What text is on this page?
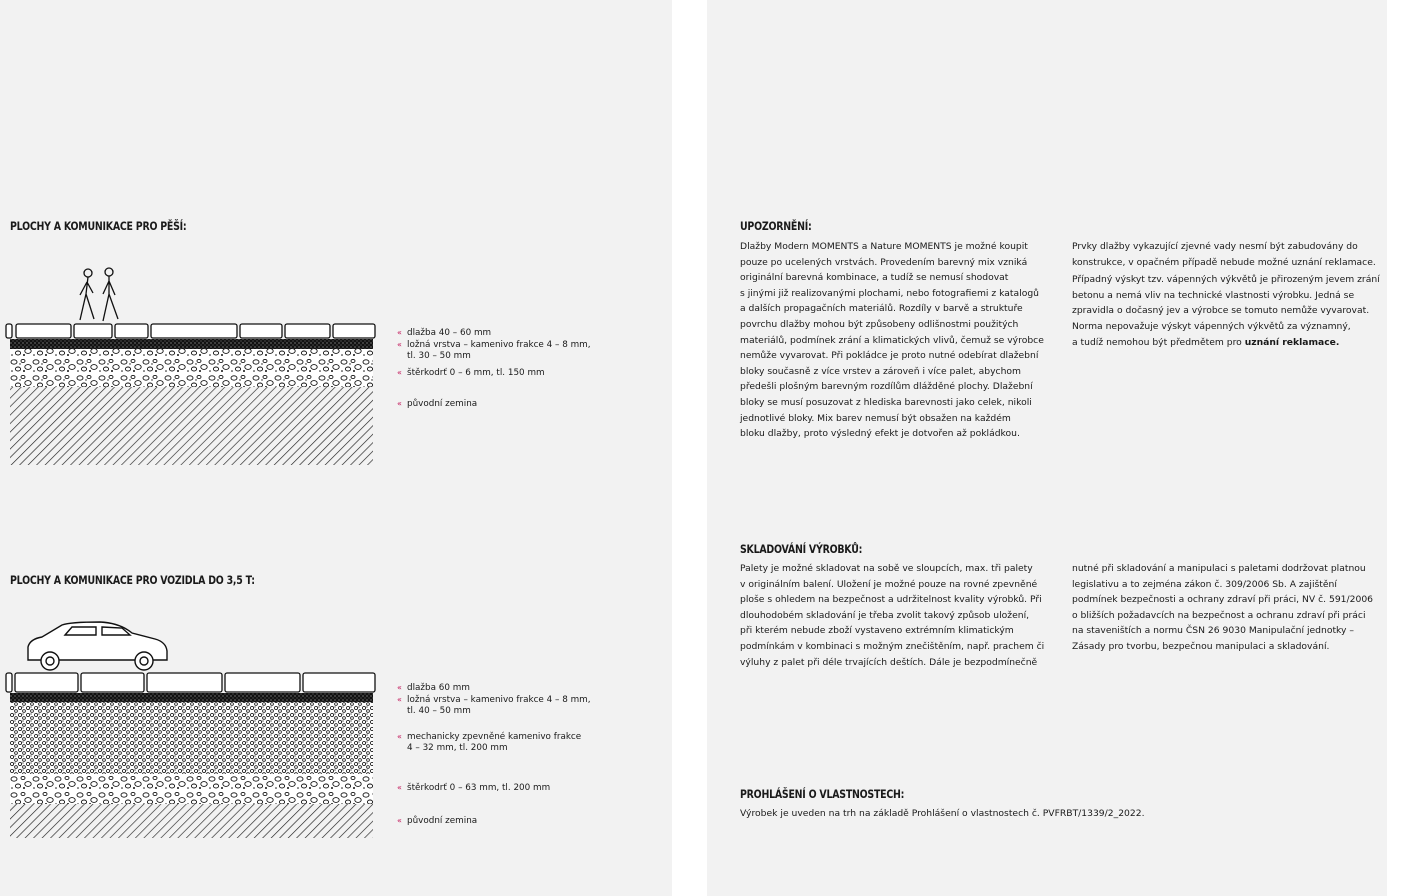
PLOCHY A KOMUNIKACE PRO PĚŠÍ:
« dlažba 40 – 60 mm
« ložná vrstva – kamenivo frakce 4 – 8 mm,
tl. 30 – 50 mm
« štěrkodrť 0 – 6 mm, tl. 150 mm
« původní zemina
PLOCHY A KOMUNIKACE PRO VOZIDLA DO 3,5 T:
« dlažba 60 mm
« ložná vrstva – kamenivo frakce 4 – 8 mm,
tl. 40 – 50 mm
« mechanicky zpevněné kamenivo frakce
4 – 32 mm, tl. 200 mm
« štěrkodrť 0 – 63 mm, tl. 200 mm
« původní zemina
UPOZORNĚNÍ:

Dlažby Modern MOMENTS a Nature MOMENTS je možné koupit

pouze po ucelených vrstvách. Provedením barevný mix vzniká

originální barevná kombinace, a tudíž se nemusí shodovat

s jinými již realizovanými plochami, nebo fotografiemi z katalogů

a dalších propagačních materiálů. Rozdíly v barvě a struktuře

povrchu dlažby mohou být způsobeny odlišnostmi použitých

materiálů, podmínek zrání a klimatických vlivů, čemuž se výrobce

nemůže vyvarovat. Při pokládce je proto nutné odebírat dlažební

bloky současně z více vrstev a zároveň i více palet, abychom

předešli plošným barevným rozdílům dlážděné plochy. Dlažební

bloky se musí posuzovat z hlediska barevnosti jako celek, nikoli

jednotlivé bloky. Mix barev nemusí být obsažen na každém

bloku dlažby, proto výsledný efekt je dotvořen až pokládkou.

Prvky dlažby vykazující zjevné vady nesmí být zabudovány do

konstrukce, v opačném případě nebude možné uznání reklamace.

Případný výskyt tzv. vápenných výkvětů je přirozeným jevem zrání

betonu a nemá vliv na technické vlastnosti výrobku. Jedná se

zpravidla o dočasný jev a výrobce se tomuto nemůže vyvarovat.

Norma nepovažuje výskyt vápenných výkvětů za významný,

a tudíž nemohou být předmětem pro uznání reklamace.

SKLADOVÁNÍ VÝROBKŮ:

Palety je možné skladovat na sobě ve sloupcích, max. tři palety

v originálním balení. Uložení je možné pouze na rovné zpevněné

ploše s ohledem na bezpečnost a udržitelnost kvality výrobků. Při

dlouhodobém skladování je třeba zvolit takový způsob uložení,

při kterém nebude zboží vystaveno extrémním klimatickým

podmínkám v kombinaci s možným znečištěním, např. prachem či

výluhy z palet při déle trvajících deštích. Dále je bezpodmínečně

nutné při skladování a manipulaci s paletami dodržovat platnou

legislativu a to zejména zákon č. 309/2006 Sb. A zajištění

podmínek bezpečnosti a ochrany zdraví při práci, NV č. 591/2006

o bližších požadavcích na bezpečnost a ochranu zdraví při práci

na staveništích a normu ČSN 26 9030 Manipulační jednotky –

Zásady pro tvorbu, bezpečnou manipulaci a skladování.

PROHLÁŠENÍ O VLASTNOSTECH:

Výrobek je uveden na trh na základě Prohlášení o vlastnostech č. PVFRBT/1339/2_2022.
